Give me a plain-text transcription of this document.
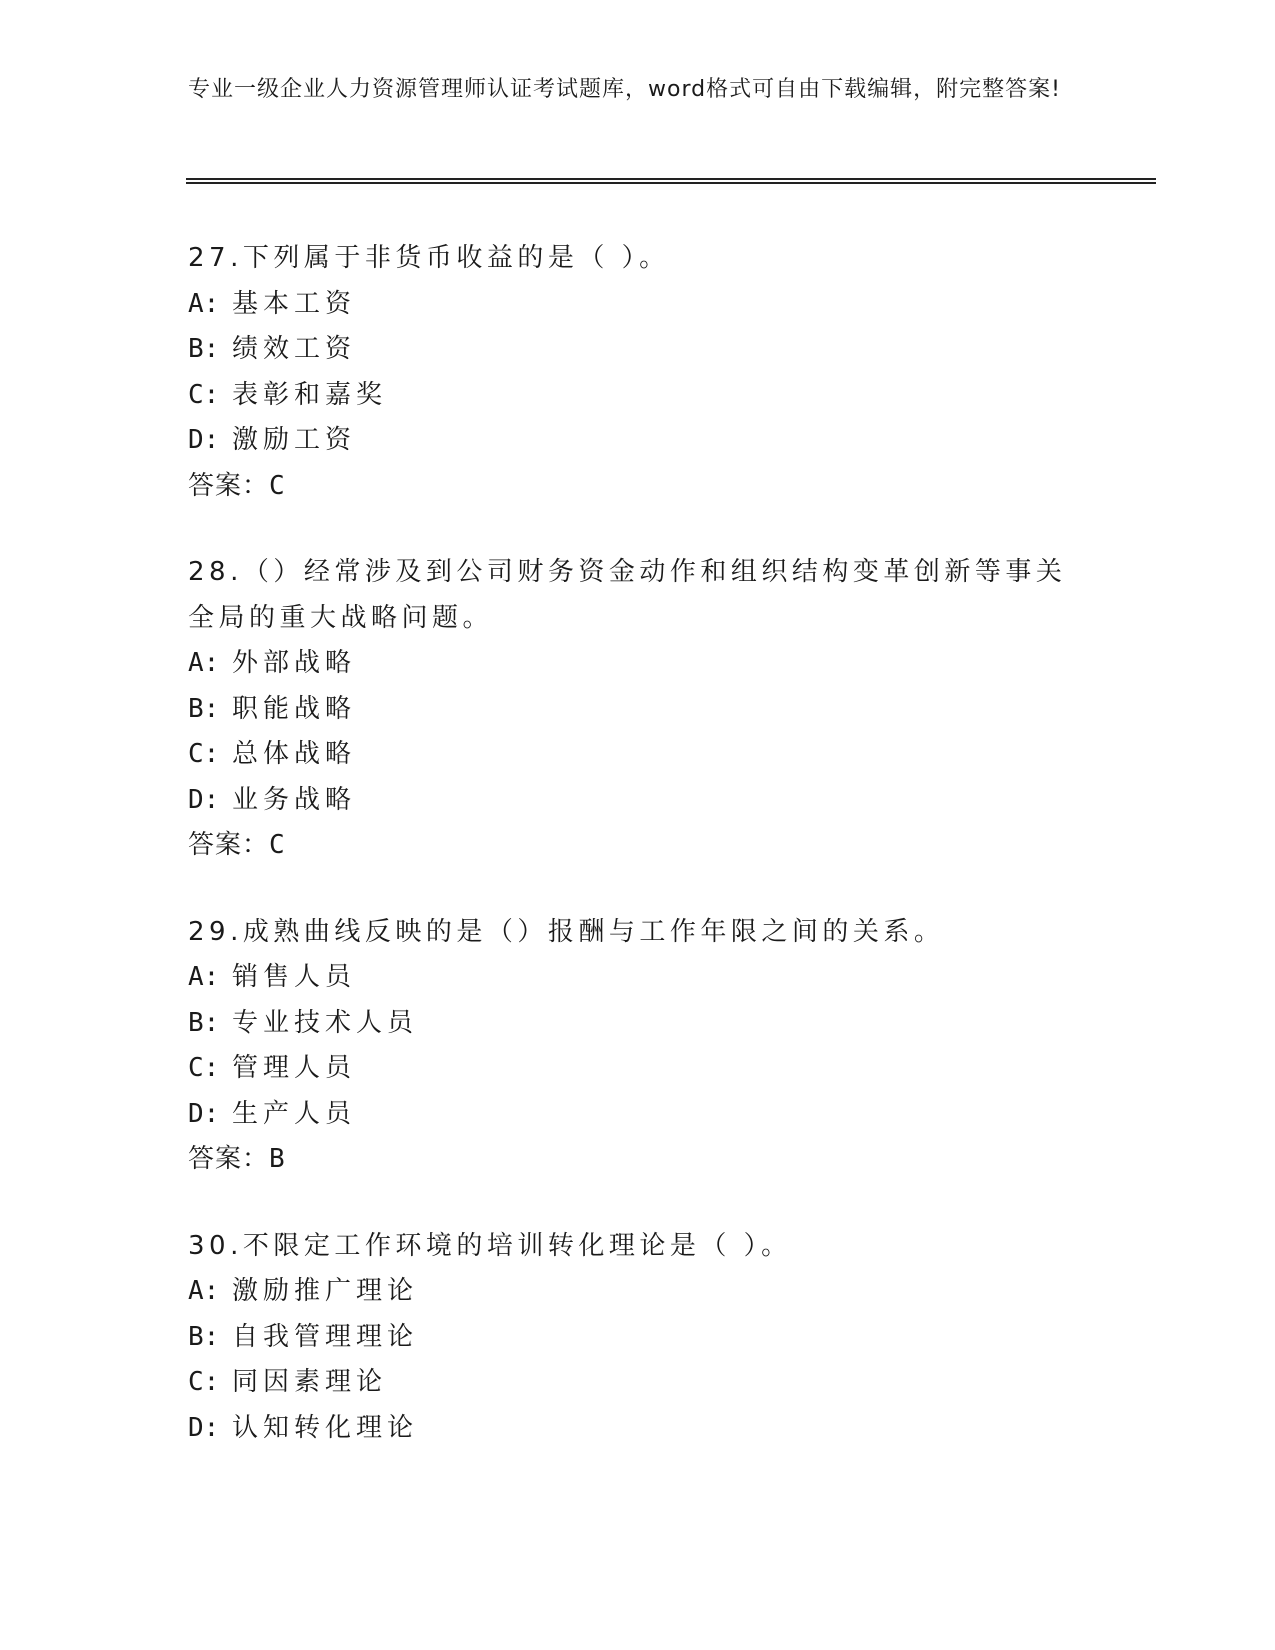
专业一级企业人力资源管理师认证考试题库，word格式可自由下载编辑，附完整答案!

27.下列属于非货币收益的是（ ）。

A: 基本工资

B: 绩效工资

C: 表彰和嘉奖

D: 激励工资

答案：C

28.（）经常涉及到公司财务资金动作和组织结构变革创新等事关全局的重大战略问题。

A: 外部战略

B: 职能战略

C: 总体战略

D: 业务战略

答案：C

29.成熟曲线反映的是（）报酬与工作年限之间的关系。

A: 销售人员

B: 专业技术人员

C: 管理人员

D: 生产人员

答案：B

30.不限定工作环境的培训转化理论是（ ）。

A: 激励推广理论

B: 自我管理理论

C: 同因素理论

D: 认知转化理论
